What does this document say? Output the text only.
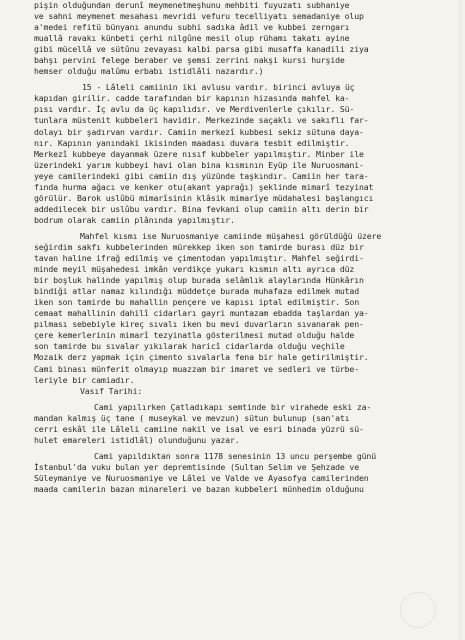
pişin olduğundan derunî meymenetmeşhunu mehbiti fuyuzatı subhaniye
ve sahni meymenet mesahası mevridi vefuru tecelliyatı semadaniye olup
a'medei refitü bünyanı anundu subhi sadıka âdil ve kubbei zerngarı
muallâ ravakı künbeti çerhi nilgûne mesil olup rühamı takatı ayine
gibi mücellâ ve sütûnu zevayası kalbi parsa gibi musaffa kanadili ziya
bahşı pervini felege beraber ve şemsi zerrini nakşi kursi hurşide
hemser olduğu malûmu erbabı istidlâli nazardır.)
15 - Lâleli camiinin iki avlusu vardır. birinci avluya üç
kapıdan girilir. cadde tarafından bir kapının hizasında mahfel ka-
pısı vardır. İç avlu da üç kapılıdır. ve Merdivenlerle çıkılır. Sü-
tunlara müstenit kubbeleri havidir. Merkezinde saçaklı ve sakıflı far-
dolayı bir şadırvan vardır. Camiin merkezî kubbesi sekiz sütuna daya-
nır. Kapının yanındaki ikisinden maadası duvara tesbit edilmiştir.
Merkezî kubbeye dayanmak üzere nısıf kubbeler yapılmıştır. Minber ile
üzerindeki yarım kubbeyi havi olan bina kısmının Eyüp ile Nuruosmani-
yeye camilerindeki gibi camiin dış yüzünde taşkındır. Camiin her tara-
fında hurma ağacı ve kenker otu(akant yaprağı) şeklinde mimarî tezyinat
görülür. Barok uslûbü mimarîsinin klâsik mimarîye müdahalesi başlangıcı
addedilecek bir uslûbu vardır. Bina fevkani olup camiin altı derin bir
bodrum olarak camiin plânında yapılmıştır.
Mahfel kısmı ise Nuruosmaniye camiinde müşahesi görüldüğü üzere
seğirdim sakfı kubbelerinden mürekkep iken son tamirde burası düz bir
tavan haline ifrağ edilmiş ve çimentodan yapılmıştır. Mahfel seğirdi-
minde meyil müşahedesi imkân verdikçe yukarı kısmın altı ayrıca düz
bir boşluk halinde yapılmış olup burada selâmlık alaylarında Hünkârın
bindiği atlar namaz kılındığı müddetçe burada muhafaza edilmek mutad
iken son tamirde bu mahallin pençere ve kapısı iptal edilmiştir. Son
cemaat mahallinin dahilî cidarları gayri muntazam ebadda taşlardan ya-
pılması sebebiyle kireç sıvalı iken bu mevi duvarların sıvanarak pen-
çere kemerlerinin mimarî tezyinatla gösterilmesi mutad olduğu halde
son tamirde bu sıvalar yıkılarak haricî cidarlarda olduğu veçhile
Mozaik derz yapmak için çimento sıvalarla fena bir hale getirilmiştir.
Cami binası münferit olmayıp muazzam bir imaret ve sedleri ve türbe-
leriyle bir camiadır.
Vasıf Tarihi:
Cami yapılırken Çatladıkapı semtinde bir virahede eski za-
mandan kalmış üç tane ( museykal ve mevzun) sütun bulunup (san'atı
cerri eskâl ile Lâleli camiine nakil ve isal ve esri binada yüzrü sü-
hulet emareleri istidlâl) olunduğunu yazar.
Cami yapıldıktan sonra 1178 senesinin 13 uncu perşembe günü
İstanbul'da vuku bulan yer depremtisinde (Sultan Selim ve Şehzade ve
Süleymaniye ve Nuruosmaniye ve Lâlei ve Valde ve Ayasofya camilerinden
maada camilerin bazan minareleri ve bazan kubbeleri münhedim olduğunu
